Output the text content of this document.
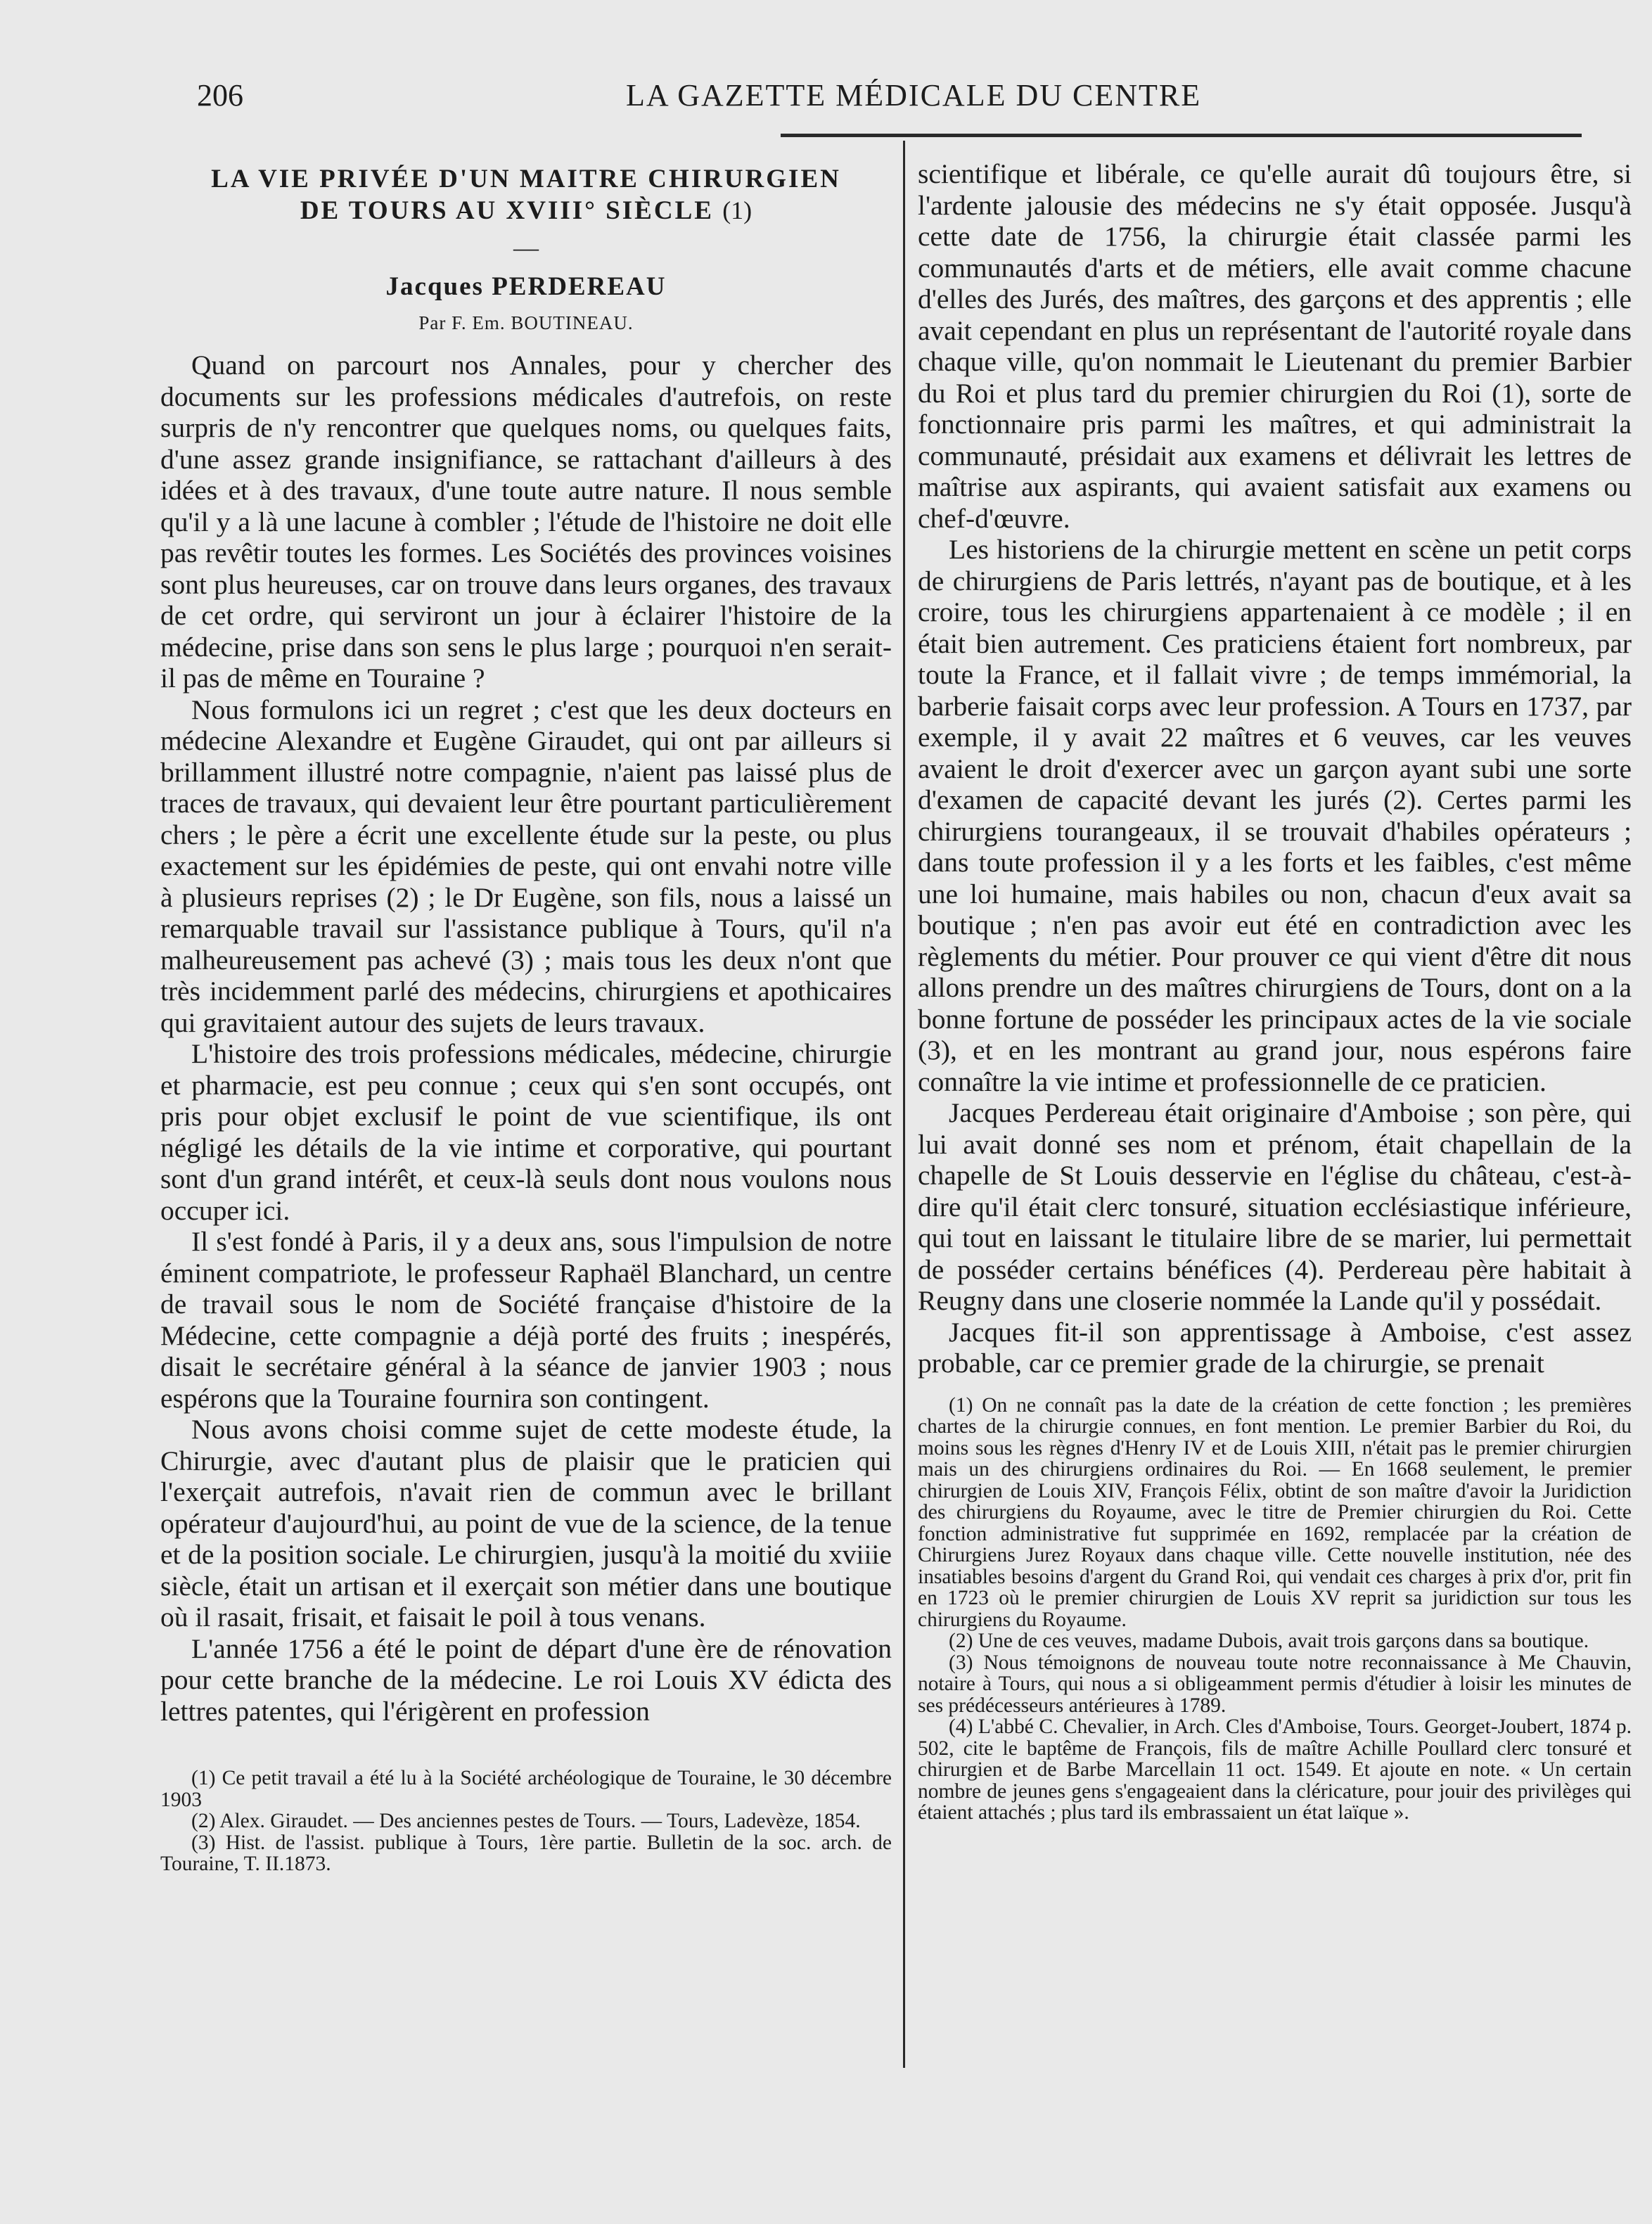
206	LA GAZETTE MÉDICALE DU CENTRE
LA VIE PRIVÉE D'UN MAITRE CHIRURGIEN
DE TOURS AU XVIII° SIÈCLE (1)
—
Jacques PERDEREAU
Par F. Em. BOUTINEAU.

Quand on parcourt nos Annales, pour y chercher des documents sur les professions médicales d'autrefois, on reste surpris de n'y rencontrer que quelques noms, ou quelques faits, d'une assez grande insignifiance, se rattachant d'ailleurs à des idées et à des travaux, d'une toute autre nature. Il nous semble qu'il y a là une lacune à combler ; l'étude de l'histoire ne doit elle pas revêtir toutes les formes. Les Sociétés des provinces voisines sont plus heureuses, car on trouve dans leurs organes, des travaux de cet ordre, qui serviront un jour à éclairer l'histoire de la médecine, prise dans son sens le plus large ; pourquoi n'en serait-il pas de même en Touraine ?

Nous formulons ici un regret ; c'est que les deux docteurs en médecine Alexandre et Eugène Giraudet, qui ont par ailleurs si brillamment illustré notre compagnie, n'aient pas laissé plus de traces de travaux, qui devaient leur être pourtant particulièrement chers ; le père a écrit une excellente étude sur la peste, ou plus exactement sur les épidémies de peste, qui ont envahi notre ville à plusieurs reprises (2) ; le Dr Eugène, son fils, nous a laissé un remarquable travail sur l'assistance publique à Tours, qu'il n'a malheureusement pas achevé (3) ; mais tous les deux n'ont que très incidemment parlé des médecins, chirurgiens et apothicaires qui gravitaient autour des sujets de leurs travaux.

L'histoire des trois professions médicales, médecine, chirurgie et pharmacie, est peu connue ; ceux qui s'en sont occupés, ont pris pour objet exclusif le point de vue scientifique, ils ont négligé les détails de la vie intime et corporative, qui pourtant sont d'un grand intérêt, et ceux-là seuls dont nous voulons nous occuper ici.

Il s'est fondé à Paris, il y a deux ans, sous l'impulsion de notre éminent compatriote, le professeur Raphaël Blanchard, un centre de travail sous le nom de Société française d'histoire de la Médecine, cette compagnie a déjà porté des fruits ; inespérés, disait le secrétaire général à la séance de janvier 1903 ; nous espérons que la Touraine fournira son contingent.

Nous avons choisi comme sujet de cette modeste étude, la Chirurgie, avec d'autant plus de plaisir que le praticien qui l'exerçait autrefois, n'avait rien de commun avec le brillant opérateur d'aujourd'hui, au point de vue de la science, de la tenue et de la position sociale. Le chirurgien, jusqu'à la moitié du xviiie siècle, était un artisan et il exerçait son métier dans une boutique où il rasait, frisait, et faisait le poil à tous venans.

L'année 1756 a été le point de départ d'une ère de rénovation pour cette branche de la médecine. Le roi Louis XV édicta des lettres patentes, qui l'érigèrent en profession

(1) Ce petit travail a été lu à la Société archéologique de Touraine, le 30 décembre 1903

(2) Alex. Giraudet. — Des anciennes pestes de Tours. — Tours, Ladevèze, 1854.

(3) Hist. de l'assist. publique à Tours, 1ère partie. Bulletin de la soc. arch. de Touraine, T. II.1873.

scientifique et libérale, ce qu'elle aurait dû toujours être, si l'ardente jalousie des médecins ne s'y était opposée. Jusqu'à cette date de 1756, la chirurgie était classée parmi les communautés d'arts et de métiers, elle avait comme chacune d'elles des Jurés, des maîtres, des garçons et des apprentis ; elle avait cependant en plus un représentant de l'autorité royale dans chaque ville, qu'on nommait le Lieutenant du premier Barbier du Roi et plus tard du premier chirurgien du Roi (1), sorte de fonctionnaire pris parmi les maîtres, et qui administrait la communauté, présidait aux examens et délivrait les lettres de maîtrise aux aspirants, qui avaient satisfait aux examens ou chef-d'œuvre.

Les historiens de la chirurgie mettent en scène un petit corps de chirurgiens de Paris lettrés, n'ayant pas de boutique, et à les croire, tous les chirurgiens appartenaient à ce modèle ; il en était bien autrement. Ces praticiens étaient fort nombreux, par toute la France, et il fallait vivre ; de temps immémorial, la barberie faisait corps avec leur profession. A Tours en 1737, par exemple, il y avait 22 maîtres et 6 veuves, car les veuves avaient le droit d'exercer avec un garçon ayant subi une sorte d'examen de capacité devant les jurés (2). Certes parmi les chirurgiens tourangeaux, il se trouvait d'habiles opérateurs ; dans toute profession il y a les forts et les faibles, c'est même une loi humaine, mais habiles ou non, chacun d'eux avait sa boutique ; n'en pas avoir eut été en contradiction avec les règlements du métier. Pour prouver ce qui vient d'être dit nous allons prendre un des maîtres chirurgiens de Tours, dont on a la bonne fortune de posséder les principaux actes de la vie sociale (3), et en les montrant au grand jour, nous espérons faire connaître la vie intime et professionnelle de ce praticien.

Jacques Perdereau était originaire d'Amboise ; son père, qui lui avait donné ses nom et prénom, était chapellain de la chapelle de St Louis desservie en l'église du château, c'est-à-dire qu'il était clerc tonsuré, situation ecclésiastique inférieure, qui tout en laissant le titulaire libre de se marier, lui permettait de posséder certains bénéfices (4). Perdereau père habitait à Reugny dans une closerie nommée la Lande qu'il y possédait.

Jacques fit-il son apprentissage à Amboise, c'est assez probable, car ce premier grade de la chirurgie, se prenait

(1) On ne connaît pas la date de la création de cette fonction ; les premières chartes de la chirurgie connues, en font mention. Le premier Barbier du Roi, du moins sous les règnes d'Henry IV et de Louis XIII, n'était pas le premier chirurgien mais un des chirurgiens ordinaires du Roi. — En 1668 seulement, le premier chirurgien de Louis XIV, François Félix, obtint de son maître d'avoir la Juridiction des chirurgiens du Royaume, avec le titre de Premier chirurgien du Roi. Cette fonction administrative fut supprimée en 1692, remplacée par la création de Chirurgiens Jurez Royaux dans chaque ville. Cette nouvelle institution, née des insatiables besoins d'argent du Grand Roi, qui vendait ces charges à prix d'or, prit fin en 1723 où le premier chirurgien de Louis XV reprit sa juridiction sur tous les chirurgiens du Royaume.

(2) Une de ces veuves, madame Dubois, avait trois garçons dans sa boutique.

(3) Nous témoignons de nouveau toute notre reconnaissance à Me Chauvin, notaire à Tours, qui nous a si obligeamment permis d'étudier à loisir les minutes de ses prédécesseurs antérieures à 1789.

(4) L'abbé C. Chevalier, in Arch. Cles d'Amboise, Tours. Georget-Joubert, 1874 p. 502, cite le baptême de François, fils de maître Achille Poullard clerc tonsuré et chirurgien et de Barbe Marcellain 11 oct. 1549. Et ajoute en note. « Un certain nombre de jeunes gens s'engageaient dans la cléricature, pour jouir des privilèges qui étaient attachés ; plus tard ils embrassaient un état laïque ».
